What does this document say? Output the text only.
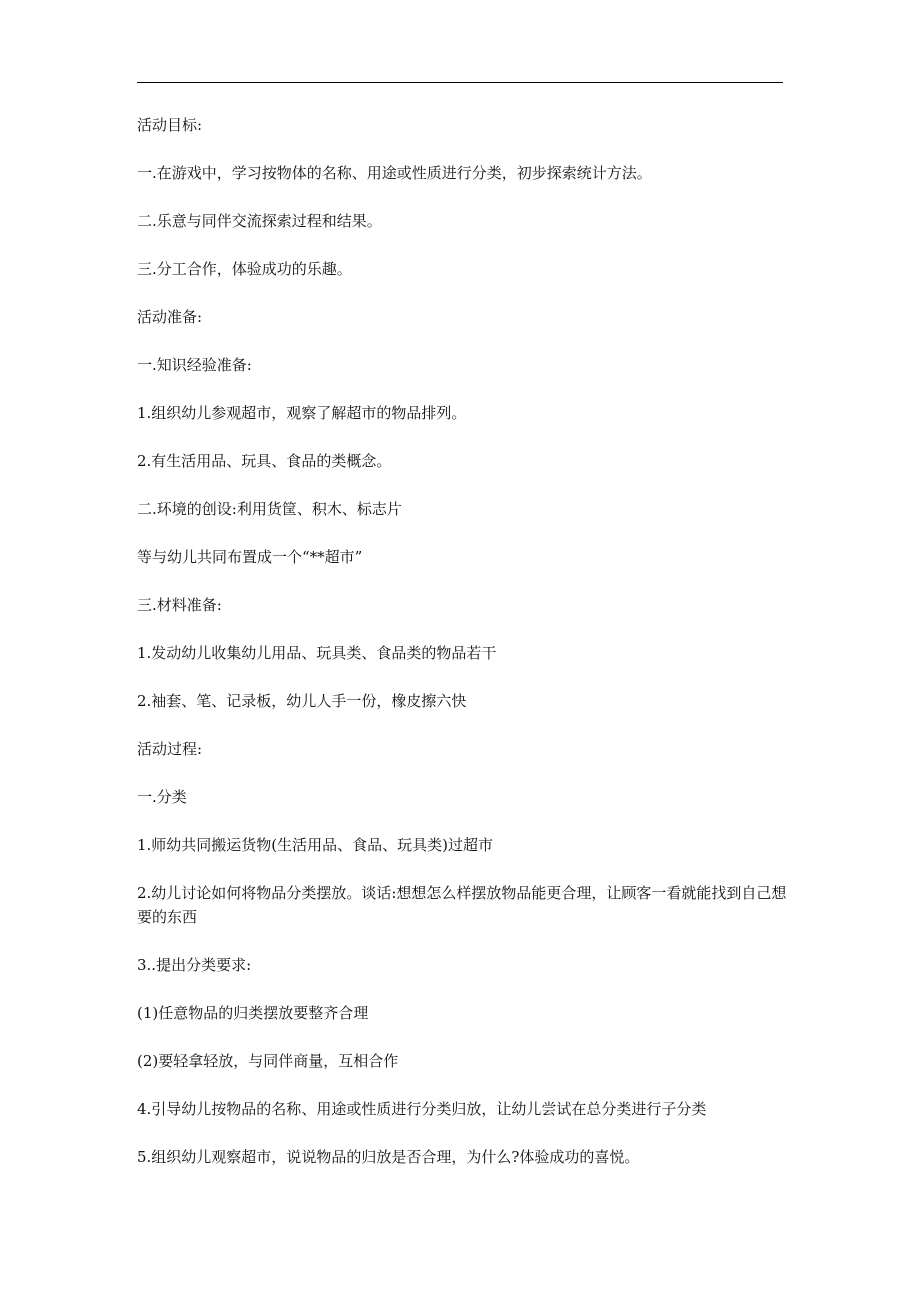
活动目标:

一.在游戏中，学习按物体的名称、用途或性质进行分类，初步探索统计方法。

二.乐意与同伴交流探索过程和结果。

三.分工合作，体验成功的乐趣。

活动准备:

一.知识经验准备:

1.组织幼儿参观超市，观察了解超市的物品排列。

2.有生活用品、玩具、食品的类概念。

二.环境的创设:利用货筐、积木、标志片

等与幼儿共同布置成一个“**超市”

三.材料准备:

1.发动幼儿收集幼儿用品、玩具类、食品类的物品若干

2.袖套、笔、记录板，幼儿人手一份，橡皮擦六快

活动过程:

一.分类

1.师幼共同搬运货物(生活用品、食品、玩具类)过超市

2.幼儿讨论如何将物品分类摆放。谈话:想想怎么样摆放物品能更合理，让顾客一看就能找到自己想要的东西

3..提出分类要求:

(1)任意物品的归类摆放要整齐合理

(2)要轻拿轻放，与同伴商量，互相合作

4.引导幼儿按物品的名称、用途或性质进行分类归放，让幼儿尝试在总分类进行子分类

5.组织幼儿观察超市，说说物品的归放是否合理，为什么?体验成功的喜悦。
